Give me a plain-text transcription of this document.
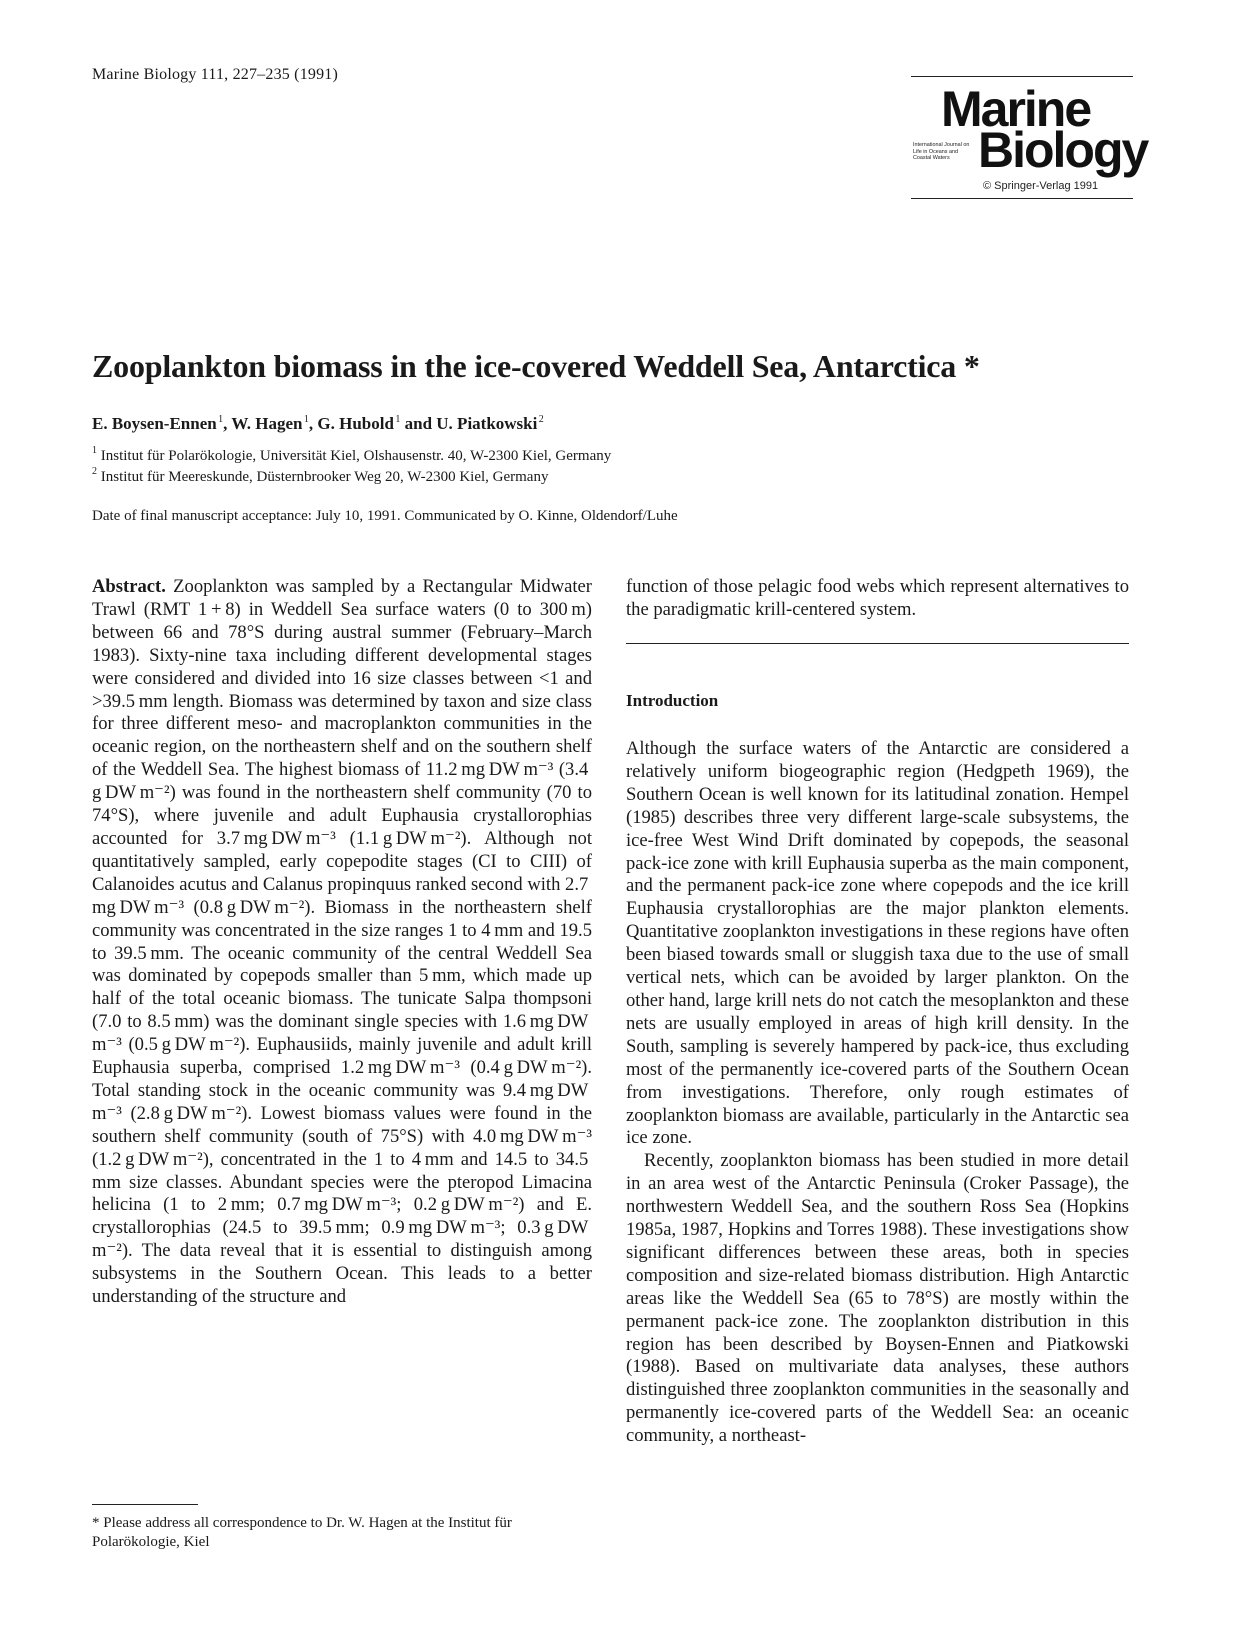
Marine Biology 111, 227–235 (1991)
Marine
International Journal on Life in Oceans and Coastal Waters Biology
© Springer-Verlag 1991
Zooplankton biomass in the ice-covered Weddell Sea, Antarctica *
E. Boysen-Ennen $^1$, W. Hagen $^1$, G. Hubold $^1$ and U. Piatkowski $^2$
$^1$ Institut für Polarökologie, Universität Kiel, Olshausenstr. 40, W-2300 Kiel, Germany
$^2$ Institut für Meereskunde, Düsternbrooker Weg 20, W-2300 Kiel, Germany
Date of final manuscript acceptance: July 10, 1991. Communicated by O. Kinne, Oldendorf/Luhe

Abstract. Zooplankton was sampled by a Rectangular Midwater Trawl (RMT 1 + 8) in Weddell Sea surface waters (0 to 300 m) between 66 and 78°S during austral summer (February–March 1983). Sixty-nine taxa including different developmental stages were considered and divided into 16 size classes between <1 and >39.5 mm length. Biomass was determined by taxon and size class for three different meso- and macroplankton communities in the oceanic region, on the northeastern shelf and on the southern shelf of the Weddell Sea. The highest biomass of 11.2 mg DW m⁻³ (3.4 g DW m⁻²) was found in the northeastern shelf community (70 to 74°S), where juvenile and adult Euphausia crystallorophias accounted for 3.7 mg DW m⁻³ (1.1 g DW m⁻²). Although not quantitatively sampled, early copepodite stages (CI to CIII) of Calanoides acutus and Calanus propinquus ranked second with 2.7 mg DW m⁻³ (0.8 g DW m⁻²). Biomass in the northeastern shelf community was concentrated in the size ranges 1 to 4 mm and 19.5 to 39.5 mm. The oceanic community of the central Weddell Sea was dominated by copepods smaller than 5 mm, which made up half of the total oceanic biomass. The tunicate Salpa thompsoni (7.0 to 8.5 mm) was the dominant single species with 1.6 mg DW m⁻³ (0.5 g DW m⁻²). Euphausiids, mainly juvenile and adult krill Euphausia superba, comprised 1.2 mg DW m⁻³ (0.4 g DW m⁻²). Total standing stock in the oceanic community was 9.4 mg DW m⁻³ (2.8 g DW m⁻²). Lowest biomass values were found in the southern shelf community (south of 75°S) with 4.0 mg DW m⁻³ (1.2 g DW m⁻²), concentrated in the 1 to 4 mm and 14.5 to 34.5 mm size classes. Abundant species were the pteropod Limacina helicina (1 to 2 mm; 0.7 mg DW m⁻³; 0.2 g DW m⁻²) and E. crystallorophias (24.5 to 39.5 mm; 0.9 mg DW m⁻³; 0.3 g DW m⁻²). The data reveal that it is essential to distinguish among subsystems in the Southern Ocean. This leads to a better understanding of the structure and

function of those pelagic food webs which represent alternatives to the paradigmatic krill-centered system.

Introduction

Although the surface waters of the Antarctic are considered a relatively uniform biogeographic region (Hedgpeth 1969), the Southern Ocean is well known for its latitudinal zonation. Hempel (1985) describes three very different large-scale subsystems, the ice-free West Wind Drift dominated by copepods, the seasonal pack-ice zone with krill Euphausia superba as the main component, and the permanent pack-ice zone where copepods and the ice krill Euphausia crystallorophias are the major plankton elements. Quantitative zooplankton investigations in these regions have often been biased towards small or sluggish taxa due to the use of small vertical nets, which can be avoided by larger plankton. On the other hand, large krill nets do not catch the mesoplankton and these nets are usually employed in areas of high krill density. In the South, sampling is severely hampered by pack-ice, thus excluding most of the permanently ice-covered parts of the Southern Ocean from investigations. Therefore, only rough estimates of zooplankton biomass are available, particularly in the Antarctic sea ice zone.

Recently, zooplankton biomass has been studied in more detail in an area west of the Antarctic Peninsula (Croker Passage), the northwestern Weddell Sea, and the southern Ross Sea (Hopkins 1985a, 1987, Hopkins and Torres 1988). These investigations show significant differences between these areas, both in species composition and size-related biomass distribution. High Antarctic areas like the Weddell Sea (65 to 78°S) are mostly within the permanent pack-ice zone. The zooplankton distribution in this region has been described by Boysen-Ennen and Piatkowski (1988). Based on multivariate data analyses, these authors distinguished three zooplankton communities in the seasonally and permanently ice-covered parts of the Weddell Sea: an oceanic community, a northeast-

* Please address all correspondence to Dr. W. Hagen at the Institut für Polarökologie, Kiel
